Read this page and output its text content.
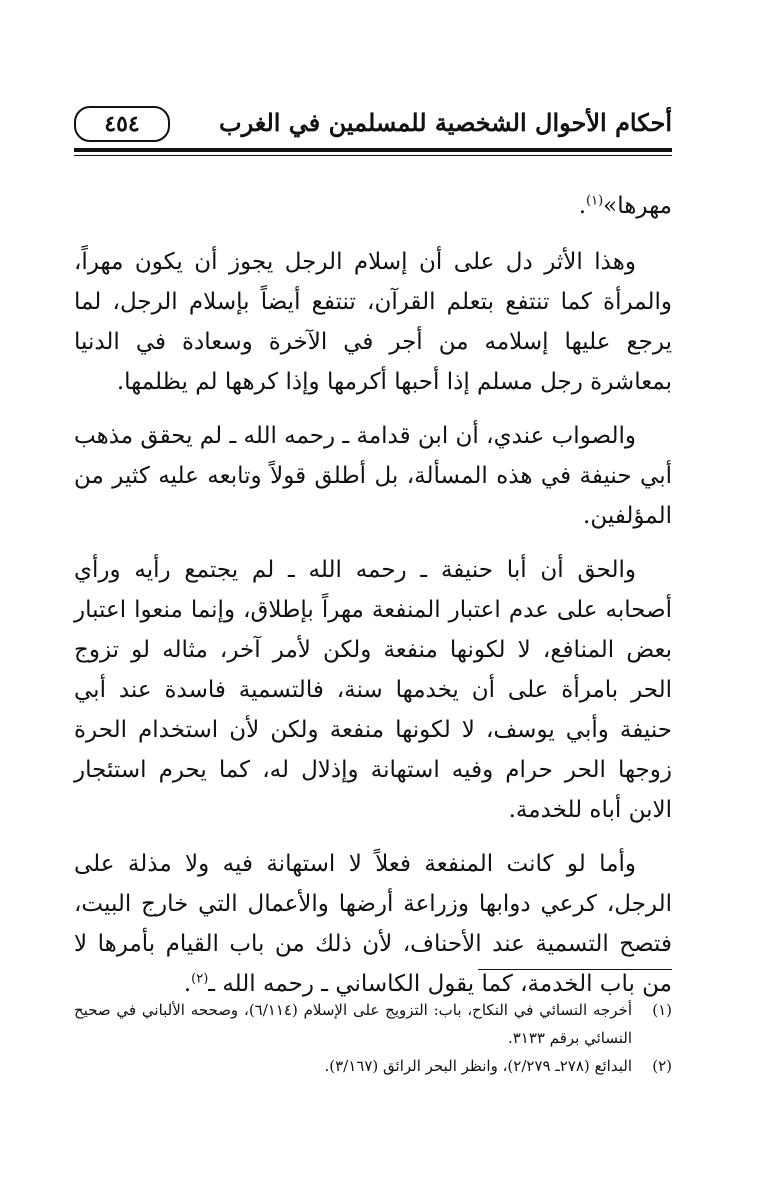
أحكام الأحوال الشخصية للمسلمين في الغرب
٤٥٤

مهرها»$^{(١)}$.

وهذا الأثر دل على أن إسلام الرجل يجوز أن يكون مهراً، والمرأة كما تنتفع بتعلم القرآن، تنتفع أيضاً بإسلام الرجل، لما يرجع عليها إسلامه من أجر في الآخرة وسعادة في الدنيا بمعاشرة رجل مسلم إذا أحبها أكرمها وإذا كرهها لم يظلمها.

والصواب عندي، أن ابن قدامة ـ رحمه الله ـ لم يحقق مذهب أبي حنيفة في هذه المسألة، بل أطلق قولاً وتابعه عليه كثير من المؤلفين.

والحق أن أبا حنيفة ـ رحمه الله ـ لم يجتمع رأيه ورأي أصحابه على عدم اعتبار المنفعة مهراً بإطلاق، وإنما منعوا اعتبار بعض المنافع، لا لكونها منفعة ولكن لأمر آخر، مثاله لو تزوج الحر بامرأة على أن يخدمها سنة، فالتسمية فاسدة عند أبي حنيفة وأبي يوسف، لا لكونها منفعة ولكن لأن استخدام الحرة زوجها الحر حرام وفيه استهانة وإذلال له، كما يحرم استئجار الابن أباه للخدمة.

وأما لو كانت المنفعة فعلاً لا استهانة فيه ولا مذلة على الرجل، كرعي دوابها وزراعة أرضها والأعمال التي خارج البيت، فتصح التسمية عند الأحناف، لأن ذلك من باب القيام بأمرها لا من باب الخدمة، كما يقول الكاساني ـ رحمه الله ـ$^{(٢)}$.

(١)
أخرجه النسائي في النكاح، باب: التزويج على الإسلام (٦/١١٤)، وصححه الألباني في صحيح النسائي برقم ٣١٣٣.
(٢)
البدائع (٢٧٨ـ ٢/٢٧٩)، وانظر البحر الرائق (٣/١٦٧).
